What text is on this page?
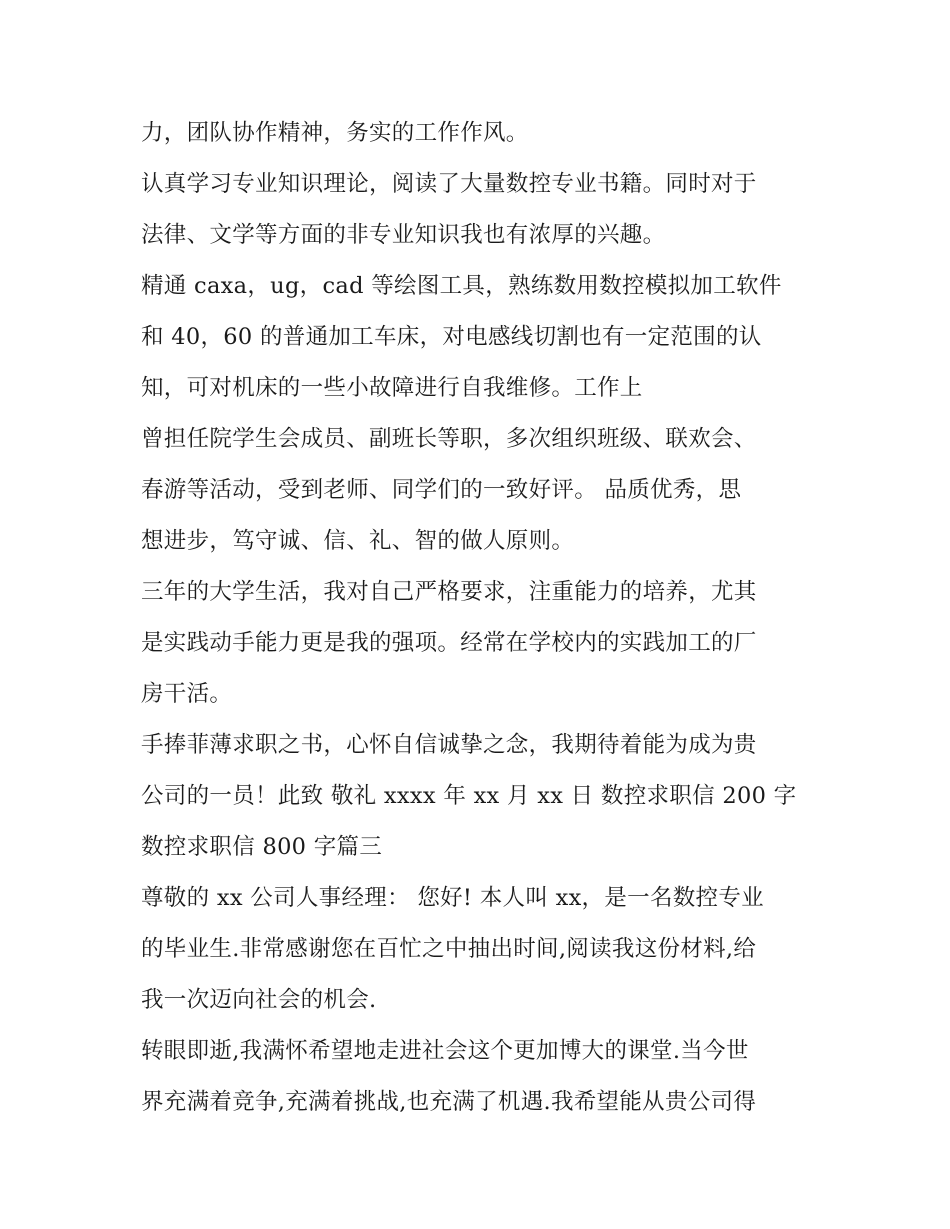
力，团队协作精神，务实的工作作风。
认真学习专业知识理论，阅读了大量数控专业书籍。同时对于
法律、文学等方面的非专业知识我也有浓厚的兴趣。
精通 caxa，ug，cad 等绘图工具，熟练数用数控模拟加工软件
和 40，60 的普通加工车床，对电感线切割也有一定范围的认
知，可对机床的一些小故障进行自我维修。工作上
曾担任院学生会成员、副班长等职，多次组织班级、联欢会、
春游等活动，受到老师、同学们的一致好评。 品质优秀，思
想进步，笃守诚、信、礼、智的做人原则。
三年的大学生活，我对自己严格要求，注重能力的培养，尤其
是实践动手能力更是我的强项。经常在学校内的实践加工的厂
房干活。
手捧菲薄求职之书，心怀自信诚挚之念，我期待着能为成为贵
公司的一员！此致 敬礼 xxxx 年 xx 月 xx 日 数控求职信 200 字
数控求职信 800 字篇三
尊敬的 xx 公司人事经理： 您好! 本人叫 xx，是一名数控专业
的毕业生.非常感谢您在百忙之中抽出时间,阅读我这份材料,给
我一次迈向社会的机会.
转眼即逝,我满怀希望地走进社会这个更加博大的课堂.当今世
界充满着竞争,充满着挑战,也充满了机遇.我希望能从贵公司得
